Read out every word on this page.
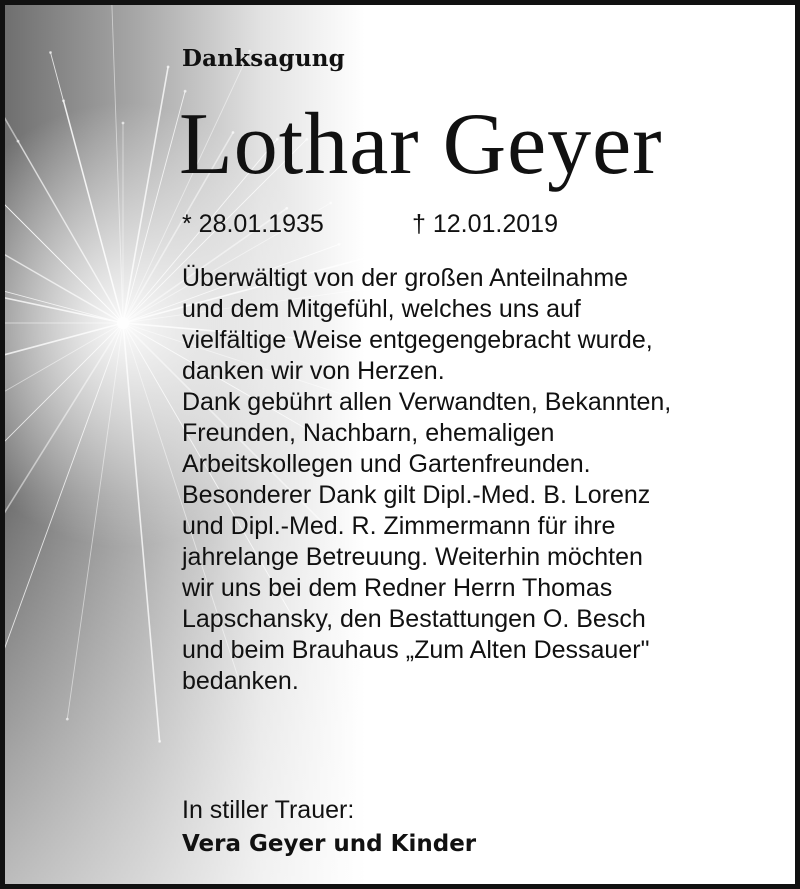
Danksagung
Lothar Geyer
* 28.01.1935	† 12.01.2019
Überwältigt von der großen Anteilnahme
und dem Mitgefühl, welches uns auf
vielfältige Weise entgegengebracht wurde,
danken wir von Herzen.
Dank gebührt allen Verwandten, Bekannten,
Freunden, Nachbarn, ehemaligen
Arbeitskollegen und Gartenfreunden.
Besonderer Dank gilt Dipl.-Med. B. Lorenz
und Dipl.-Med. R. Zimmermann für ihre
jahrelange Betreuung. Weiterhin möchten
wir uns bei dem Redner Herrn Thomas
Lapschansky, den Bestattungen O. Besch
und beim Brauhaus „Zum Alten Dessauer"
bedanken.
In stiller Trauer:
Vera Geyer und Kinder
